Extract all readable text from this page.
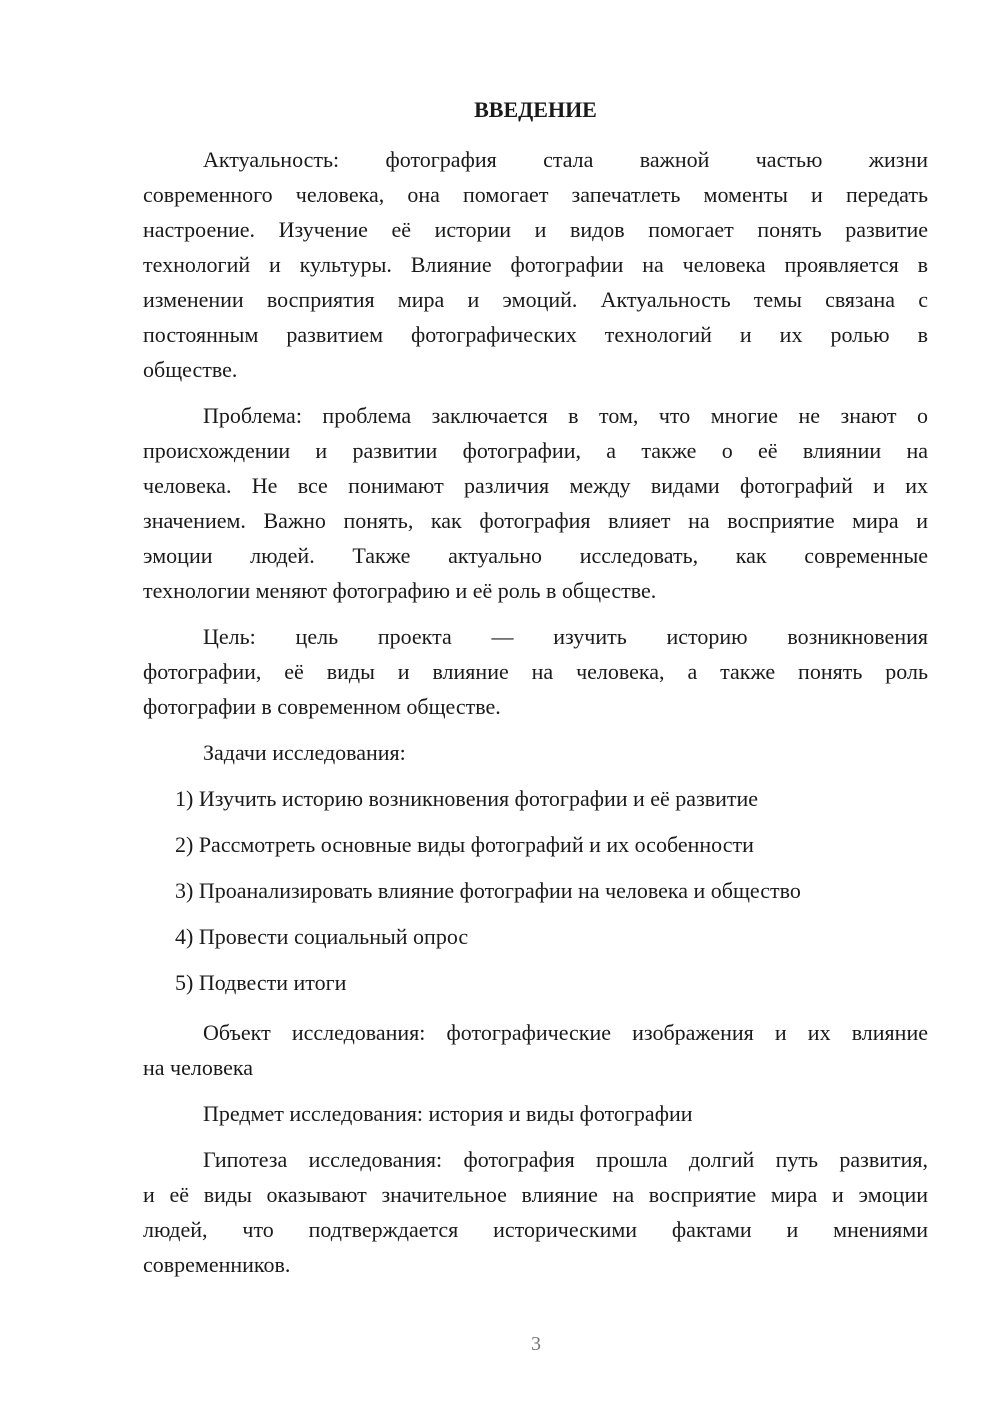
ВВЕДЕНИЕ
Актуальность: фотография стала важной частью жизни
современного человека, она помогает запечатлеть моменты и передать
настроение. Изучение её истории и видов помогает понять развитие
технологий и культуры. Влияние фотографии на человека проявляется в
изменении восприятия мира и эмоций. Актуальность темы связана с
постоянным развитием фотографических технологий и их ролью в
обществе.
Проблема: проблема заключается в том, что многие не знают о
происхождении и развитии фотографии, а также о её влиянии на
человека. Не все понимают различия между видами фотографий и их
значением. Важно понять, как фотография влияет на восприятие мира и
эмоции людей. Также актуально исследовать, как современные
технологии меняют фотографию и её роль в обществе.
Цель: цель проекта — изучить историю возникновения
фотографии, её виды и влияние на человека, а также понять роль
фотографии в современном обществе.
Задачи исследования:
1) Изучить историю возникновения фотографии и её развитие
2) Рассмотреть основные виды фотографий и их особенности
3) Проанализировать влияние фотографии на человека и общество
4) Провести социальный опрос
5) Подвести итоги
Объект исследования: фотографические изображения и их влияние
на человека
Предмет исследования: история и виды фотографии
Гипотеза исследования: фотография прошла долгий путь развития,
и её виды оказывают значительное влияние на восприятие мира и эмоции
людей, что подтверждается историческими фактами и мнениями
современников.
3
